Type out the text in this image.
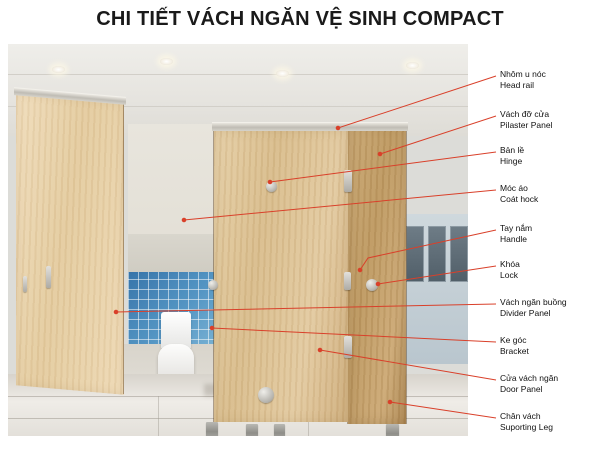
CHI TIẾT VÁCH NGĂN VỆ SINH COMPACT
Nhôm u nóc
Head rail
Vách đỡ cửa
Pilaster Panel
Bản lề
Hinge
Móc áo
Coát hock
Tay nắm
Handle
Khóa
Lock
Vách ngăn buồng
Divider Panel
Ke góc
Bracket
Cửa vách ngăn
Door Panel
Chân vách
Suporting Leg
